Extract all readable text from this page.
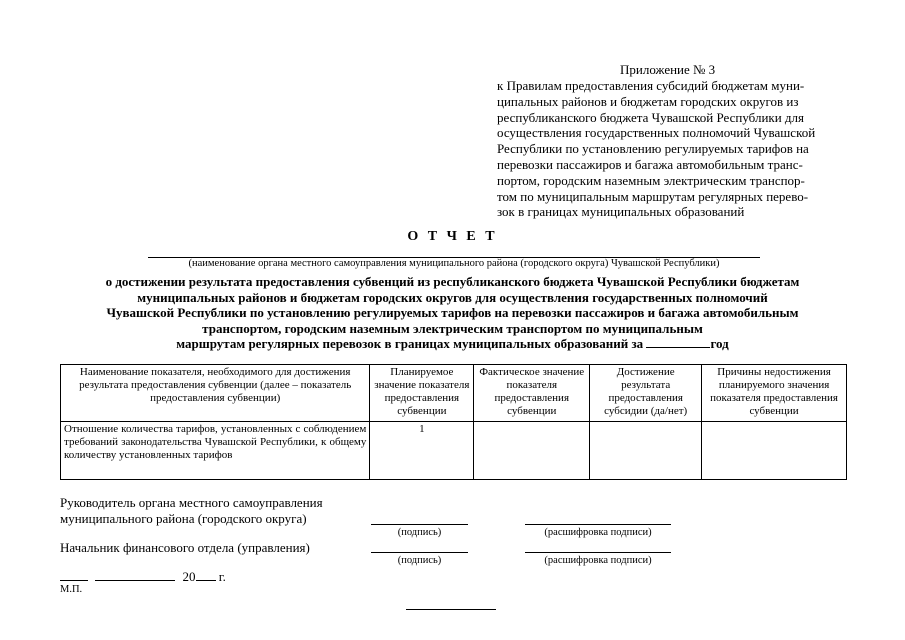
Приложение № 3
к Правилам предоставления субсидий бюджетам муни-
ципальных районов и бюджетам городских округов из
республиканского бюджета Чувашской Республики для
осуществления государственных полномочий Чувашской
Республики по установлению регулируемых тарифов на
перевозки пассажиров и багажа автомобильным транс-
портом, городским наземным электрическим транспор-
том по муниципальным маршрутам регулярных перево-
зок в границах муниципальных образований
О Т Ч Е Т
(наименование органа местного самоуправления муниципального района (городского округа) Чувашской Республики)
о достижении результата предоставления субвенций из республиканского бюджета Чувашской Республики бюджетам
муниципальных районов и бюджетам городских округов для осуществления государственных полномочий
Чувашской Республики по установлению регулируемых тарифов на перевозки пассажиров и багажа автомобильным
транспортом, городским наземным электрическим транспортом по муниципальным
маршрутам регулярных перевозок в границах муниципальных образований за	год
Наименование показателя, необходимого для достижения результата предоставления субвенции (далее – показатель предоставления субвенции)	Планируемое значение показателя предоставления субвенции	Фактическое значение показателя предоставления субвенции	Достижение результата предоставления субсидии (да/нет)	Причины недостижения планируемого значения показателя предоставления субвенции
Отношение количества тарифов, установленных с соблюдением требований законодательства Чувашской Республики, к общему количеству установленных тарифов	1			
Руководитель органа местного самоуправления
муниципального района (городского округа)
(подпись)	(расшифровка подписи)
Начальник финансового отдела (управления)
(подпись)	(расшифровка подписи)
20 г.
М.П.
